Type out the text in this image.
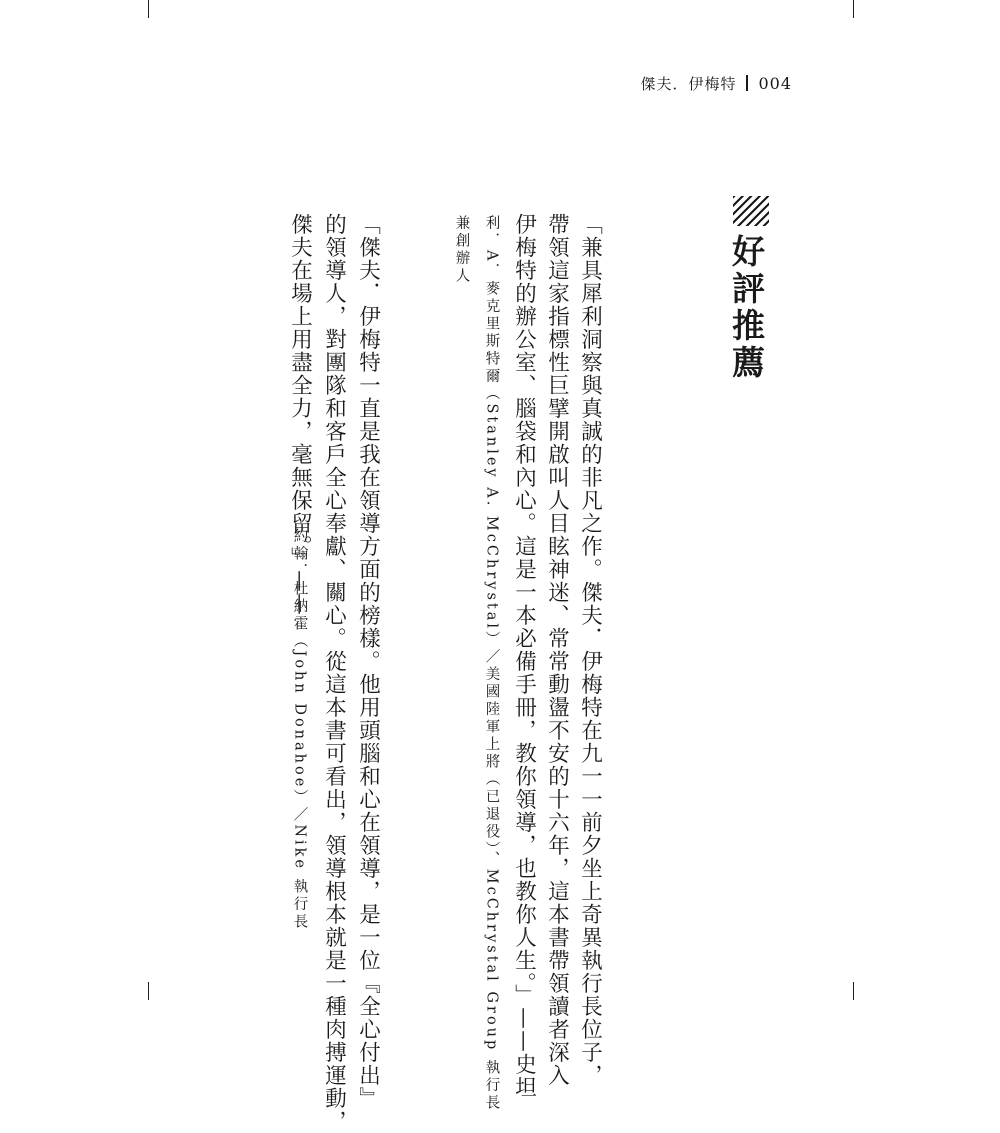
傑夫．伊梅特 004
好評推薦
「兼具犀利洞察與真誠的非凡之作。傑夫．伊梅特在九一一前夕坐上奇異執行長位子，
帶領這家指標性巨擘開啟叫人目眩神迷、常常動盪不安的十六年，這本書帶領讀者深入
伊梅特的辦公室、腦袋和內心。這是一本必備手冊，教你領導，也教你人生。」——史坦
利．A．麥克里斯特爾（Stanley A. McChrystal）／美國陸軍上將（已退役）、McChrystal Group 執行長
兼創辦人
「傑夫．伊梅特一直是我在領導方面的榜樣。他用頭腦和心在領導，是一位『全心付出』
的領導人，對團隊和客戶全心奉獻、關心。從這本書可看出，領導根本就是一種肉搏運動，
傑夫在場上用盡全力，毫無保留。」——
約翰．杜納霍（John Donahoe）／Nike 執行長
